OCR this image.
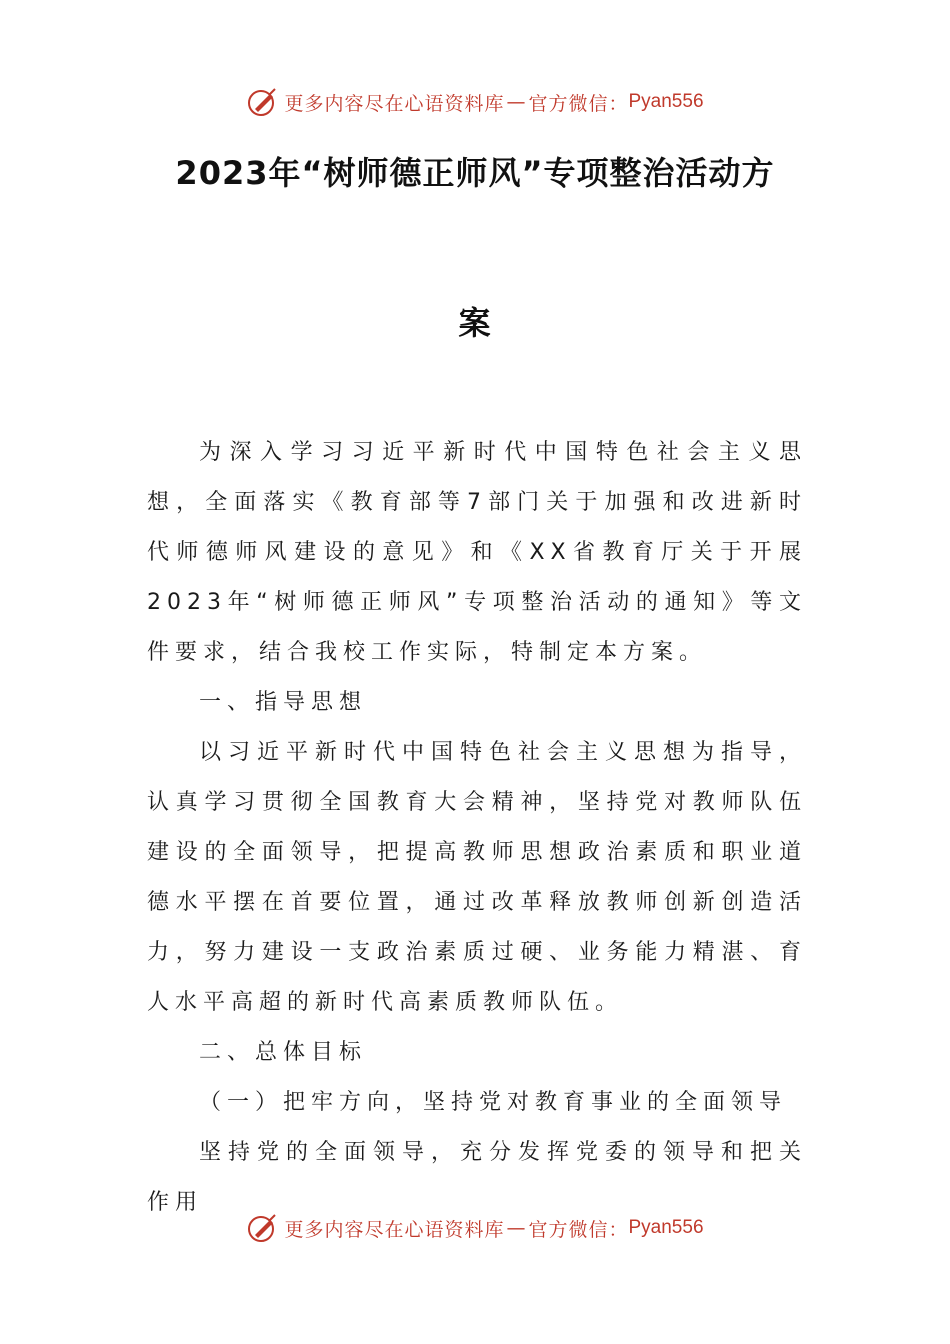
更多内容尽在心语资料库 — 官方微信： Pyan556
2023年“树师德正师风”专项整治活动方
案

为深入学习习近平新时代中国特色社会主义思想，全面落实《教育部等7部门关于加强和改进新时代师德师风建设的意见》和《XX省教育厅关于开展2023年“树师德正师风”专项整治活动的通知》等文件要求，结合我校工作实际，特制定本方案。

一、指导思想

以习近平新时代中国特色社会主义思想为指导，认真学习贯彻全国教育大会精神，坚持党对教师队伍建设的全面领导，把提高教师思想政治素质和职业道德水平摆在首要位置，通过改革释放教师创新创造活力，努力建设一支政治素质过硬、业务能力精湛、育人水平高超的新时代高素质教师队伍。

二、总体目标

（一）把牢方向，坚持党对教育事业的全面领导

坚持党的全面领导，充分发挥党委的领导和把关作用

更多内容尽在心语资料库 — 官方微信： Pyan556
